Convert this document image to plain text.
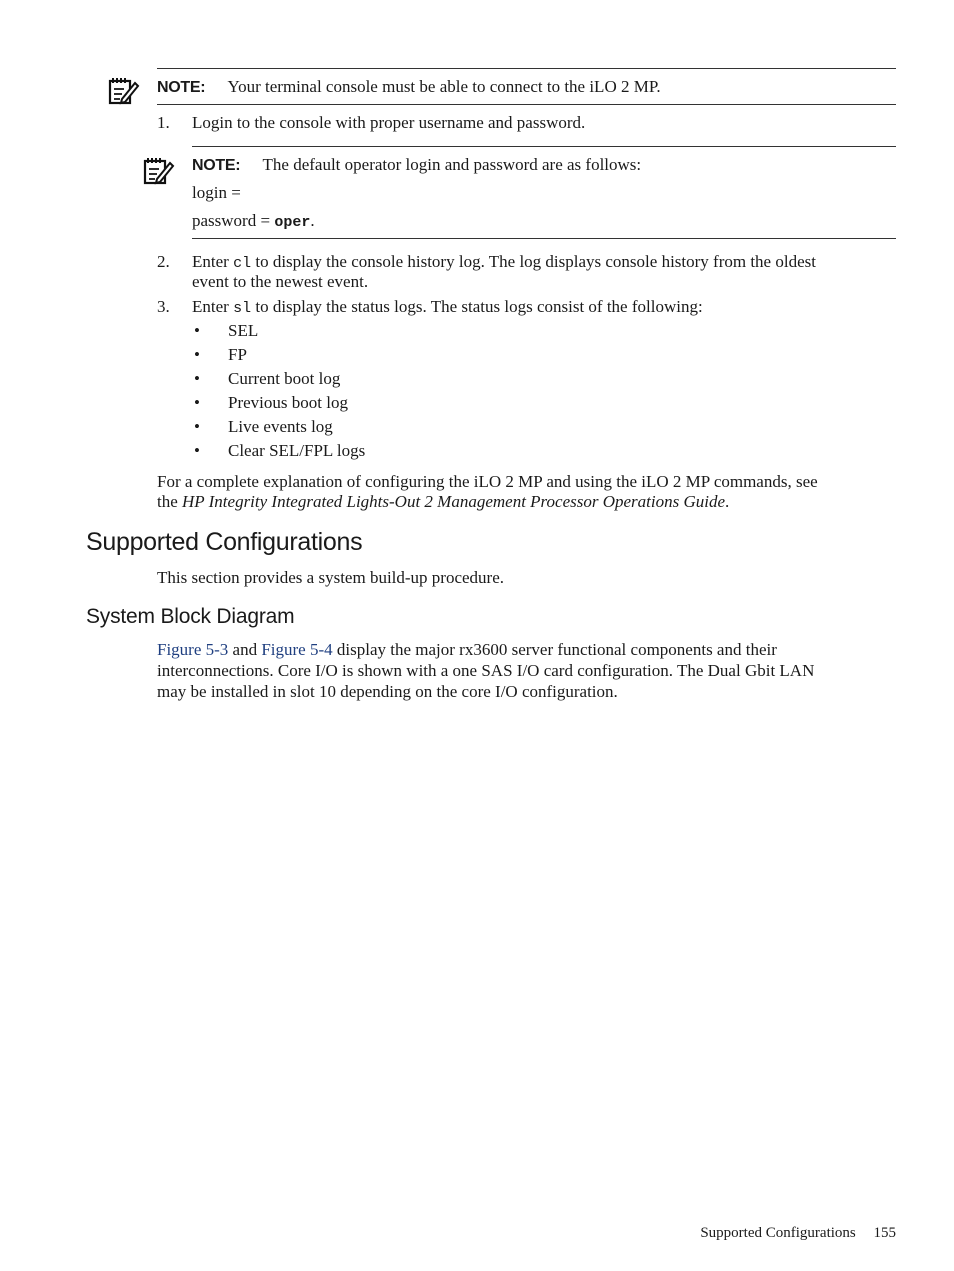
NOTE: Your terminal console must be able to connect to the iLO 2 MP.
1. Login to the console with proper username and password.
NOTE: The default operator login and password are as follows:
login =
password = oper.
2. Enter cl to display the console history log. The log displays console history from the oldest
event to the newest event.
3. Enter sl to display the status logs. The status logs consist of the following:
• SEL
• FP
• Current boot log
• Previous boot log
• Live events log
• Clear SEL/FPL logs
For a complete explanation of configuring the iLO 2 MP and using the iLO 2 MP commands, see
the HP Integrity Integrated Lights-Out 2 Management Processor Operations Guide.
Supported Configurations
This section provides a system build-up procedure.
System Block Diagram
Figure 5-3 and Figure 5-4 display the major rx3600 server functional components and their
interconnections. Core I/O is shown with a one SAS I/O card configuration. The Dual Gbit LAN
may be installed in slot 10 depending on the core I/O configuration.
Supported Configurations 155
